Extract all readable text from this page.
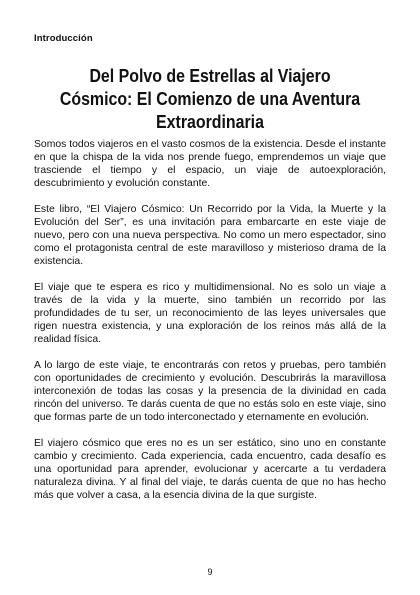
Introducción
Del Polvo de Estrellas al Viajero Cósmico: El Comienzo de una Aventura Extraordinaria

Somos todos viajeros en el vasto cosmos de la existencia. Desde el instante en que la chispa de la vida nos prende fuego, emprendemos un viaje que trasciende el tiempo y el espacio, un viaje de autoexploración, descubrimiento y evolución constante.

Este libro, “El Viajero Cósmico: Un Recorrido por la Vida, la Muerte y la Evolución del Ser”, es una invitación para embarcarte en este viaje de nuevo, pero con una nueva perspectiva. No como un mero espectador, sino como el protagonista central de este maravilloso y misterioso drama de la existencia.

El viaje que te espera es rico y multidimensional. No es solo un viaje a través de la vida y la muerte, sino también un recorrido por las profundidades de tu ser, un reconocimiento de las leyes universales que rigen nuestra existencia, y una exploración de los reinos más allá de la realidad física.

A lo largo de este viaje, te encontrarás con retos y pruebas, pero también con oportunidades de crecimiento y evolución. Descubrirás la maravillosa interconexión de todas las cosas y la presencia de la divinidad en cada rincón del universo. Te darás cuenta de que no estás solo en este viaje, sino que formas parte de un todo interconectado y eternamente en evolución.

El viajero cósmico que eres no es un ser estático, sino uno en constante cambio y crecimiento. Cada experiencia, cada encuentro, cada desafío es una oportunidad para aprender, evolucionar y acercarte a tu verdadera naturaleza divina. Y al final del viaje, te darás cuenta de que no has hecho más que volver a casa, a la esencia divina de la que surgiste.

9
